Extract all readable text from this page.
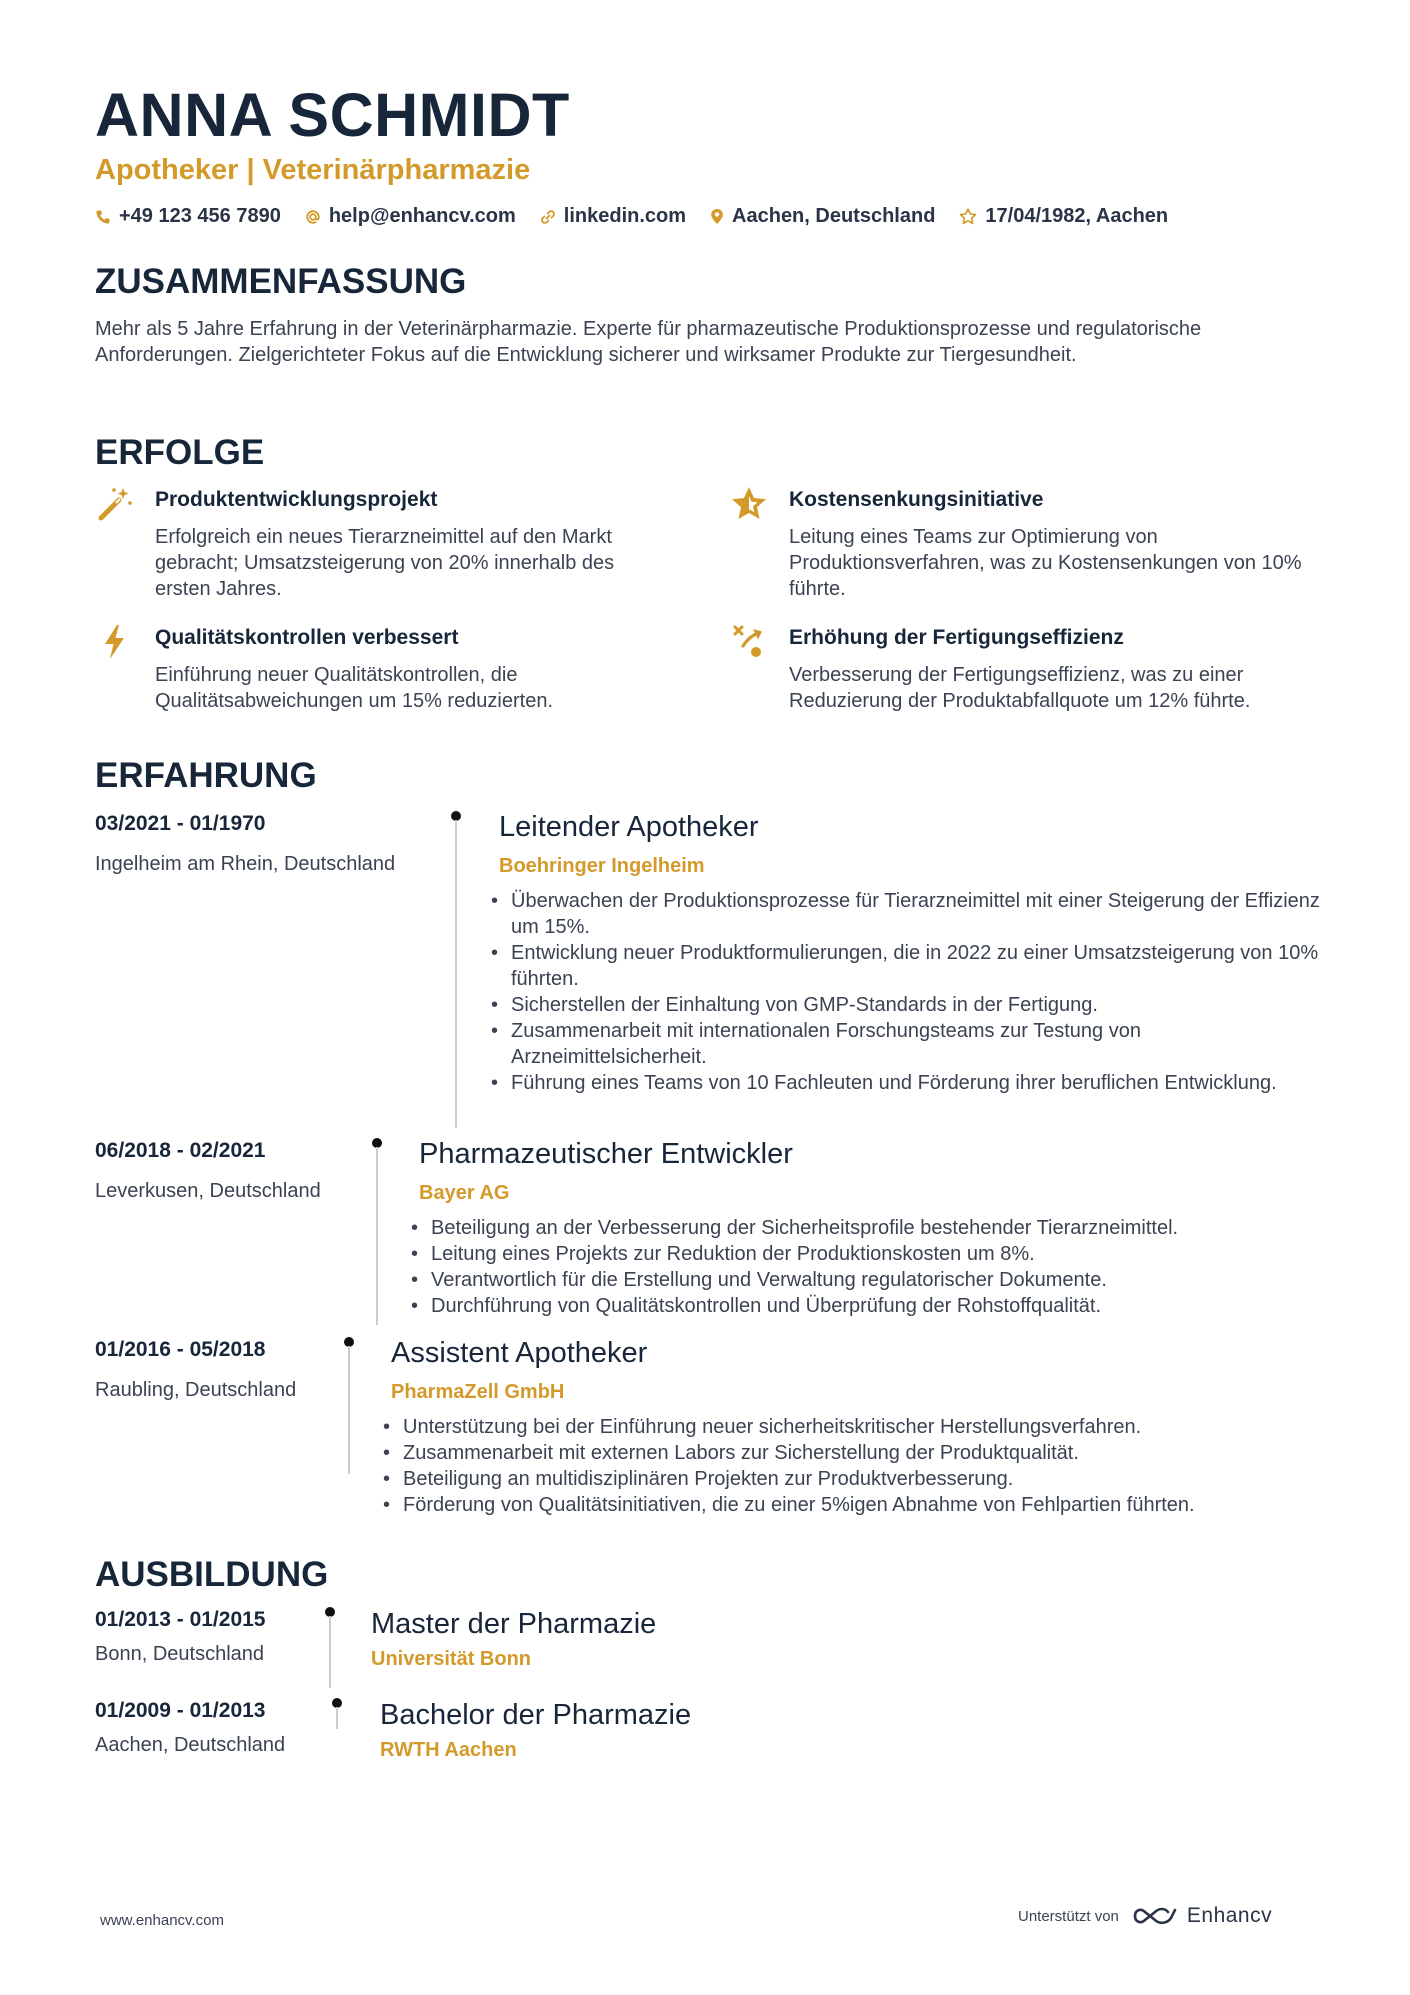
ANNA SCHMIDT
Apotheker | Veterinärpharmazie
+49 123 456 7890 help@enhancv.com linkedin.com Aachen, Deutschland	17/04/1982, Aachen
ZUSAMMENFASSUNG
Mehr als 5 Jahre Erfahrung in der Veterinärpharmazie. Experte für pharmazeutische Produktionsprozesse und regulatorische Anforderungen. Zielgerichteter Fokus auf die Entwicklung sicherer und wirksamer Produkte zur Tiergesundheit.
ERFOLGE
Produktentwicklungsprojekt
Erfolgreich ein neues Tierarzneimittel auf den Markt gebracht; Umsatzsteigerung von 20% innerhalb des ersten Jahres.
Kostensenkungsinitiative
Leitung eines Teams zur Optimierung von Produktionsverfahren, was zu Kostensenkungen von 10% führte.
Qualitätskontrollen verbessert
Einführung neuer Qualitätskontrollen, die Qualitätsabweichungen um 15% reduzierten.
Erhöhung der Fertigungseffizienz
Verbesserung der Fertigungseffizienz, was zu einer Reduzierung der Produktabfallquote um 12% führte.
ERFAHRUNG
03/2021 - 01/1970
Ingelheim am Rhein, Deutschland
Leitender Apotheker
Boehringer Ingelheim
• Überwachen der Produktionsprozesse für Tierarzneimittel mit einer Steigerung der Effizienz um 15%.
• Entwicklung neuer Produktformulierungen, die in 2022 zu einer Umsatzsteigerung von 10% führten.
• Sicherstellen der Einhaltung von GMP-Standards in der Fertigung.
• Zusammenarbeit mit internationalen Forschungsteams zur Testung von Arzneimittelsicherheit.
• Führung eines Teams von 10 Fachleuten und Förderung ihrer beruflichen Entwicklung.
06/2018 - 02/2021
Leverkusen, Deutschland
Pharmazeutischer Entwickler
Bayer AG
• Beteiligung an der Verbesserung der Sicherheitsprofile bestehender Tierarzneimittel.
• Leitung eines Projekts zur Reduktion der Produktionskosten um 8%.
• Verantwortlich für die Erstellung und Verwaltung regulatorischer Dokumente.
• Durchführung von Qualitätskontrollen und Überprüfung der Rohstoffqualität.
01/2016 - 05/2018
Raubling, Deutschland
Assistent Apotheker
PharmaZell GmbH
• Unterstützung bei der Einführung neuer sicherheitskritischer Herstellungsverfahren.
• Zusammenarbeit mit externen Labors zur Sicherstellung der Produktqualität.
• Beteiligung an multidisziplinären Projekten zur Produktverbesserung.
• Förderung von Qualitätsinitiativen, die zu einer 5%igen Abnahme von Fehlpartien führten.
AUSBILDUNG
01/2013 - 01/2015
Bonn, Deutschland
Master der Pharmazie
Universität Bonn
01/2009 - 01/2013
Aachen, Deutschland
Bachelor der Pharmazie
RWTH Aachen
www.enhancv.com	Unterstützt von	Enhancv
